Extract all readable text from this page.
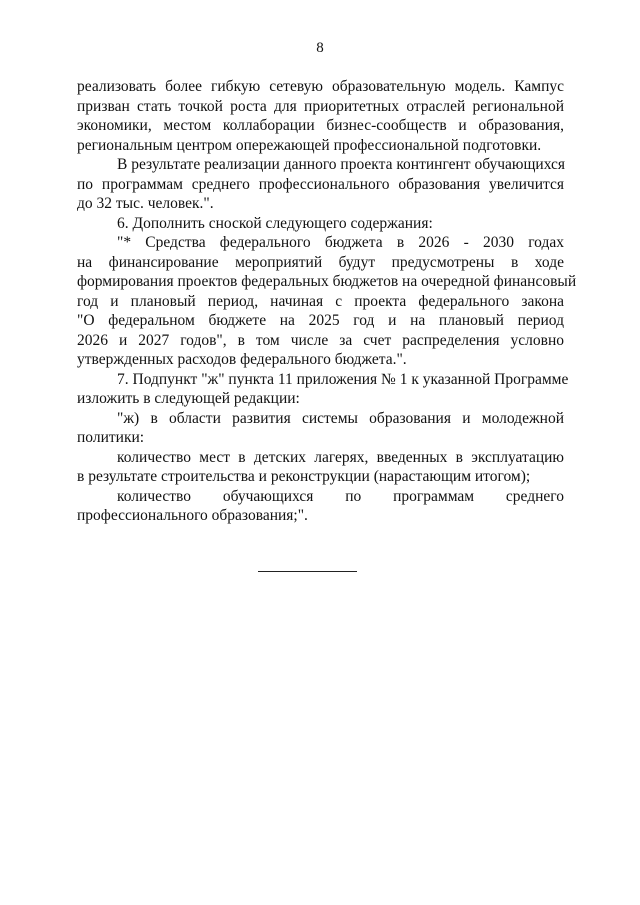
8
реализовать более гибкую сетевую образовательную модель. Кампус
призван стать точкой роста для приоритетных отраслей региональной
экономики, местом коллаборации бизнес-сообществ и образования,
региональным центром опережающей профессиональной подготовки.
В результате реализации данного проекта контингент обучающихся
по программам среднего профессионального образования увеличится
до 32 тыс. человек.".
6. Дополнить сноской следующего содержания:
"* Средства федерального бюджета в 2026 - 2030 годах
на финансирование мероприятий будут предусмотрены в ходе
формирования проектов федеральных бюджетов на очередной финансовый
год и плановый период, начиная с проекта федерального закона
"О федеральном бюджете на 2025 год и на плановый период
2026 и 2027 годов", в том числе за счет распределения условно
утвержденных расходов федерального бюджета.".
7. Подпункт "ж" пункта 11 приложения № 1 к указанной Программе
изложить в следующей редакции:
"ж) в области развития системы образования и молодежной
политики:
количество мест в детских лагерях, введенных в эксплуатацию
в результате строительства и реконструкции (нарастающим итогом);
количество обучающихся по программам среднего
профессионального образования;".
